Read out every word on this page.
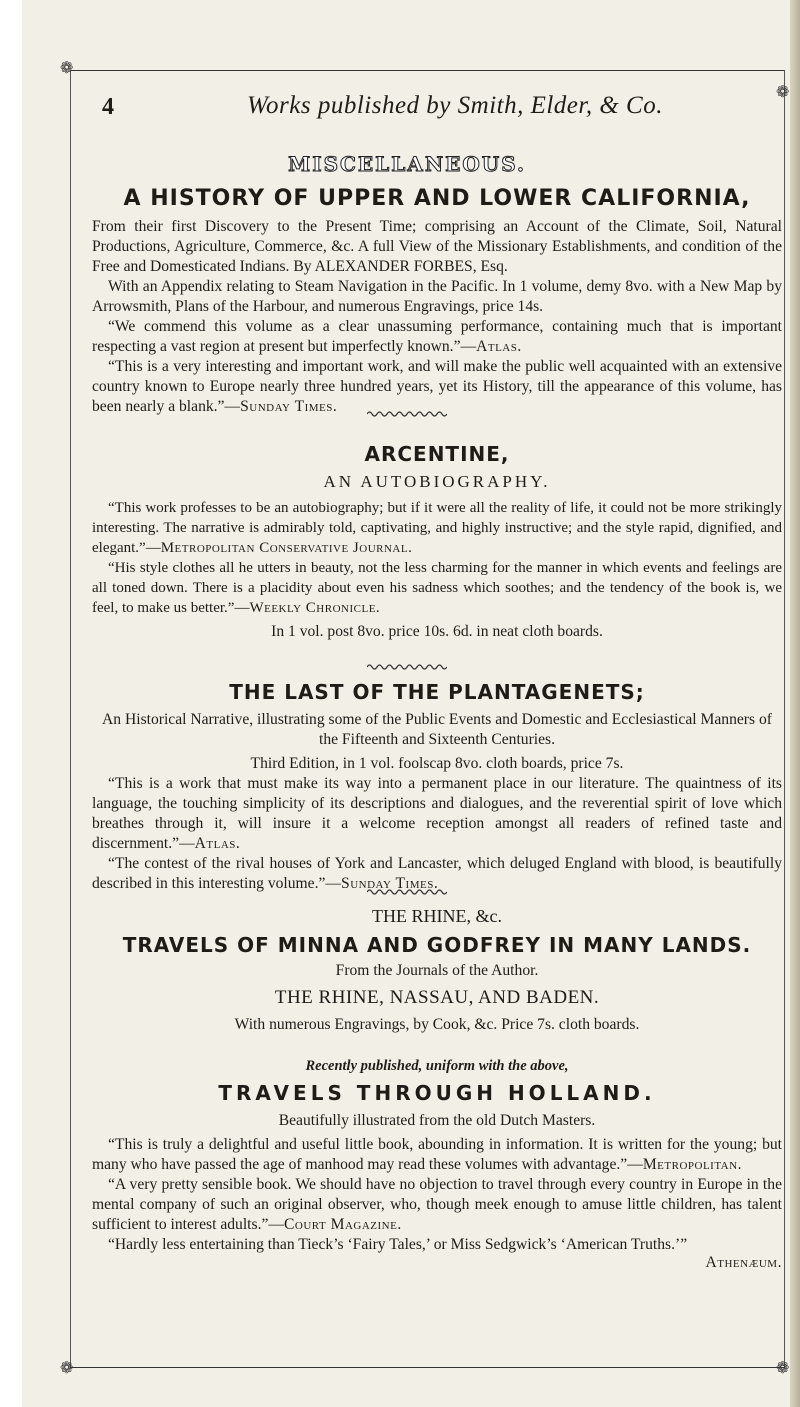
❁
❁
❁	❁
4	Works published by Smith, Elder, & Co.
MISCELLANEOUS.
A HISTORY OF UPPER AND LOWER CALIFORNIA,

From their first Discovery to the Present Time; comprising an Account of the Climate, Soil, Natural Productions, Agriculture, Commerce, &c. A full View of the Missionary Establishments, and condition of the Free and Domesticated Indians. By ALEXANDER FORBES, Esq.

With an Appendix relating to Steam Navigation in the Pacific. In 1 volume, demy 8vo. with a New Map by Arrowsmith, Plans of the Harbour, and numerous Engravings, price 14s.

“We commend this volume as a clear unassuming performance, containing much that is important respecting a vast region at present but imperfectly known.”—Atlas.

“This is a very interesting and important work, and will make the public well acquainted with an extensive country known to Europe nearly three hundred years, yet its History, till the appearance of this volume, has been nearly a blank.”—Sunday Times.

ARCENTINE,
AN AUTOBIOGRAPHY.

“This work professes to be an autobiography; but if it were all the reality of life, it could not be more strikingly interesting. The narrative is admirably told, captivating, and highly instructive; and the style rapid, dignified, and elegant.”—Metropolitan Conservative Journal.

“His style clothes all he utters in beauty, not the less charming for the manner in which events and feelings are all toned down. There is a placidity about even his sadness which soothes; and the tendency of the book is, we feel, to make us better.”—Weekly Chronicle.

In 1 vol. post 8vo. price 10s. 6d. in neat cloth boards.

THE LAST OF THE PLANTAGENETS;

An Historical Narrative, illustrating some of the Public Events and Domestic and Ecclesiastical Manners of the Fifteenth and Sixteenth Centuries.

Third Edition, in 1 vol. foolscap 8vo. cloth boards, price 7s.

“This is a work that must make its way into a permanent place in our literature. The quaintness of its language, the touching simplicity of its descriptions and dialogues, and the reverential spirit of love which breathes through it, will insure it a welcome reception amongst all readers of refined taste and discernment.”—Atlas.

“The contest of the rival houses of York and Lancaster, which deluged England with blood, is beautifully described in this interesting volume.”—Sunday Times.

THE RHINE, &c.
TRAVELS OF MINNA AND GODFREY IN MANY LANDS.

From the Journals of the Author.

THE RHINE, NASSAU, AND BADEN.

With numerous Engravings, by Cook, &c. Price 7s. cloth boards.

Recently published, uniform with the above,
TRAVELS THROUGH HOLLAND.

Beautifully illustrated from the old Dutch Masters.

“This is truly a delightful and useful little book, abounding in information. It is written for the young; but many who have passed the age of manhood may read these volumes with advantage.”—Metropolitan.

“A very pretty sensible book. We should have no objection to travel through every country in Europe in the mental company of such an original observer, who, though meek enough to amuse little children, has talent sufficient to interest adults.”—Court Magazine.

“Hardly less entertaining than Tieck’s ‘Fairy Tales,’ or Miss Sedgwick’s ‘American Truths.’”

Athenæum.
